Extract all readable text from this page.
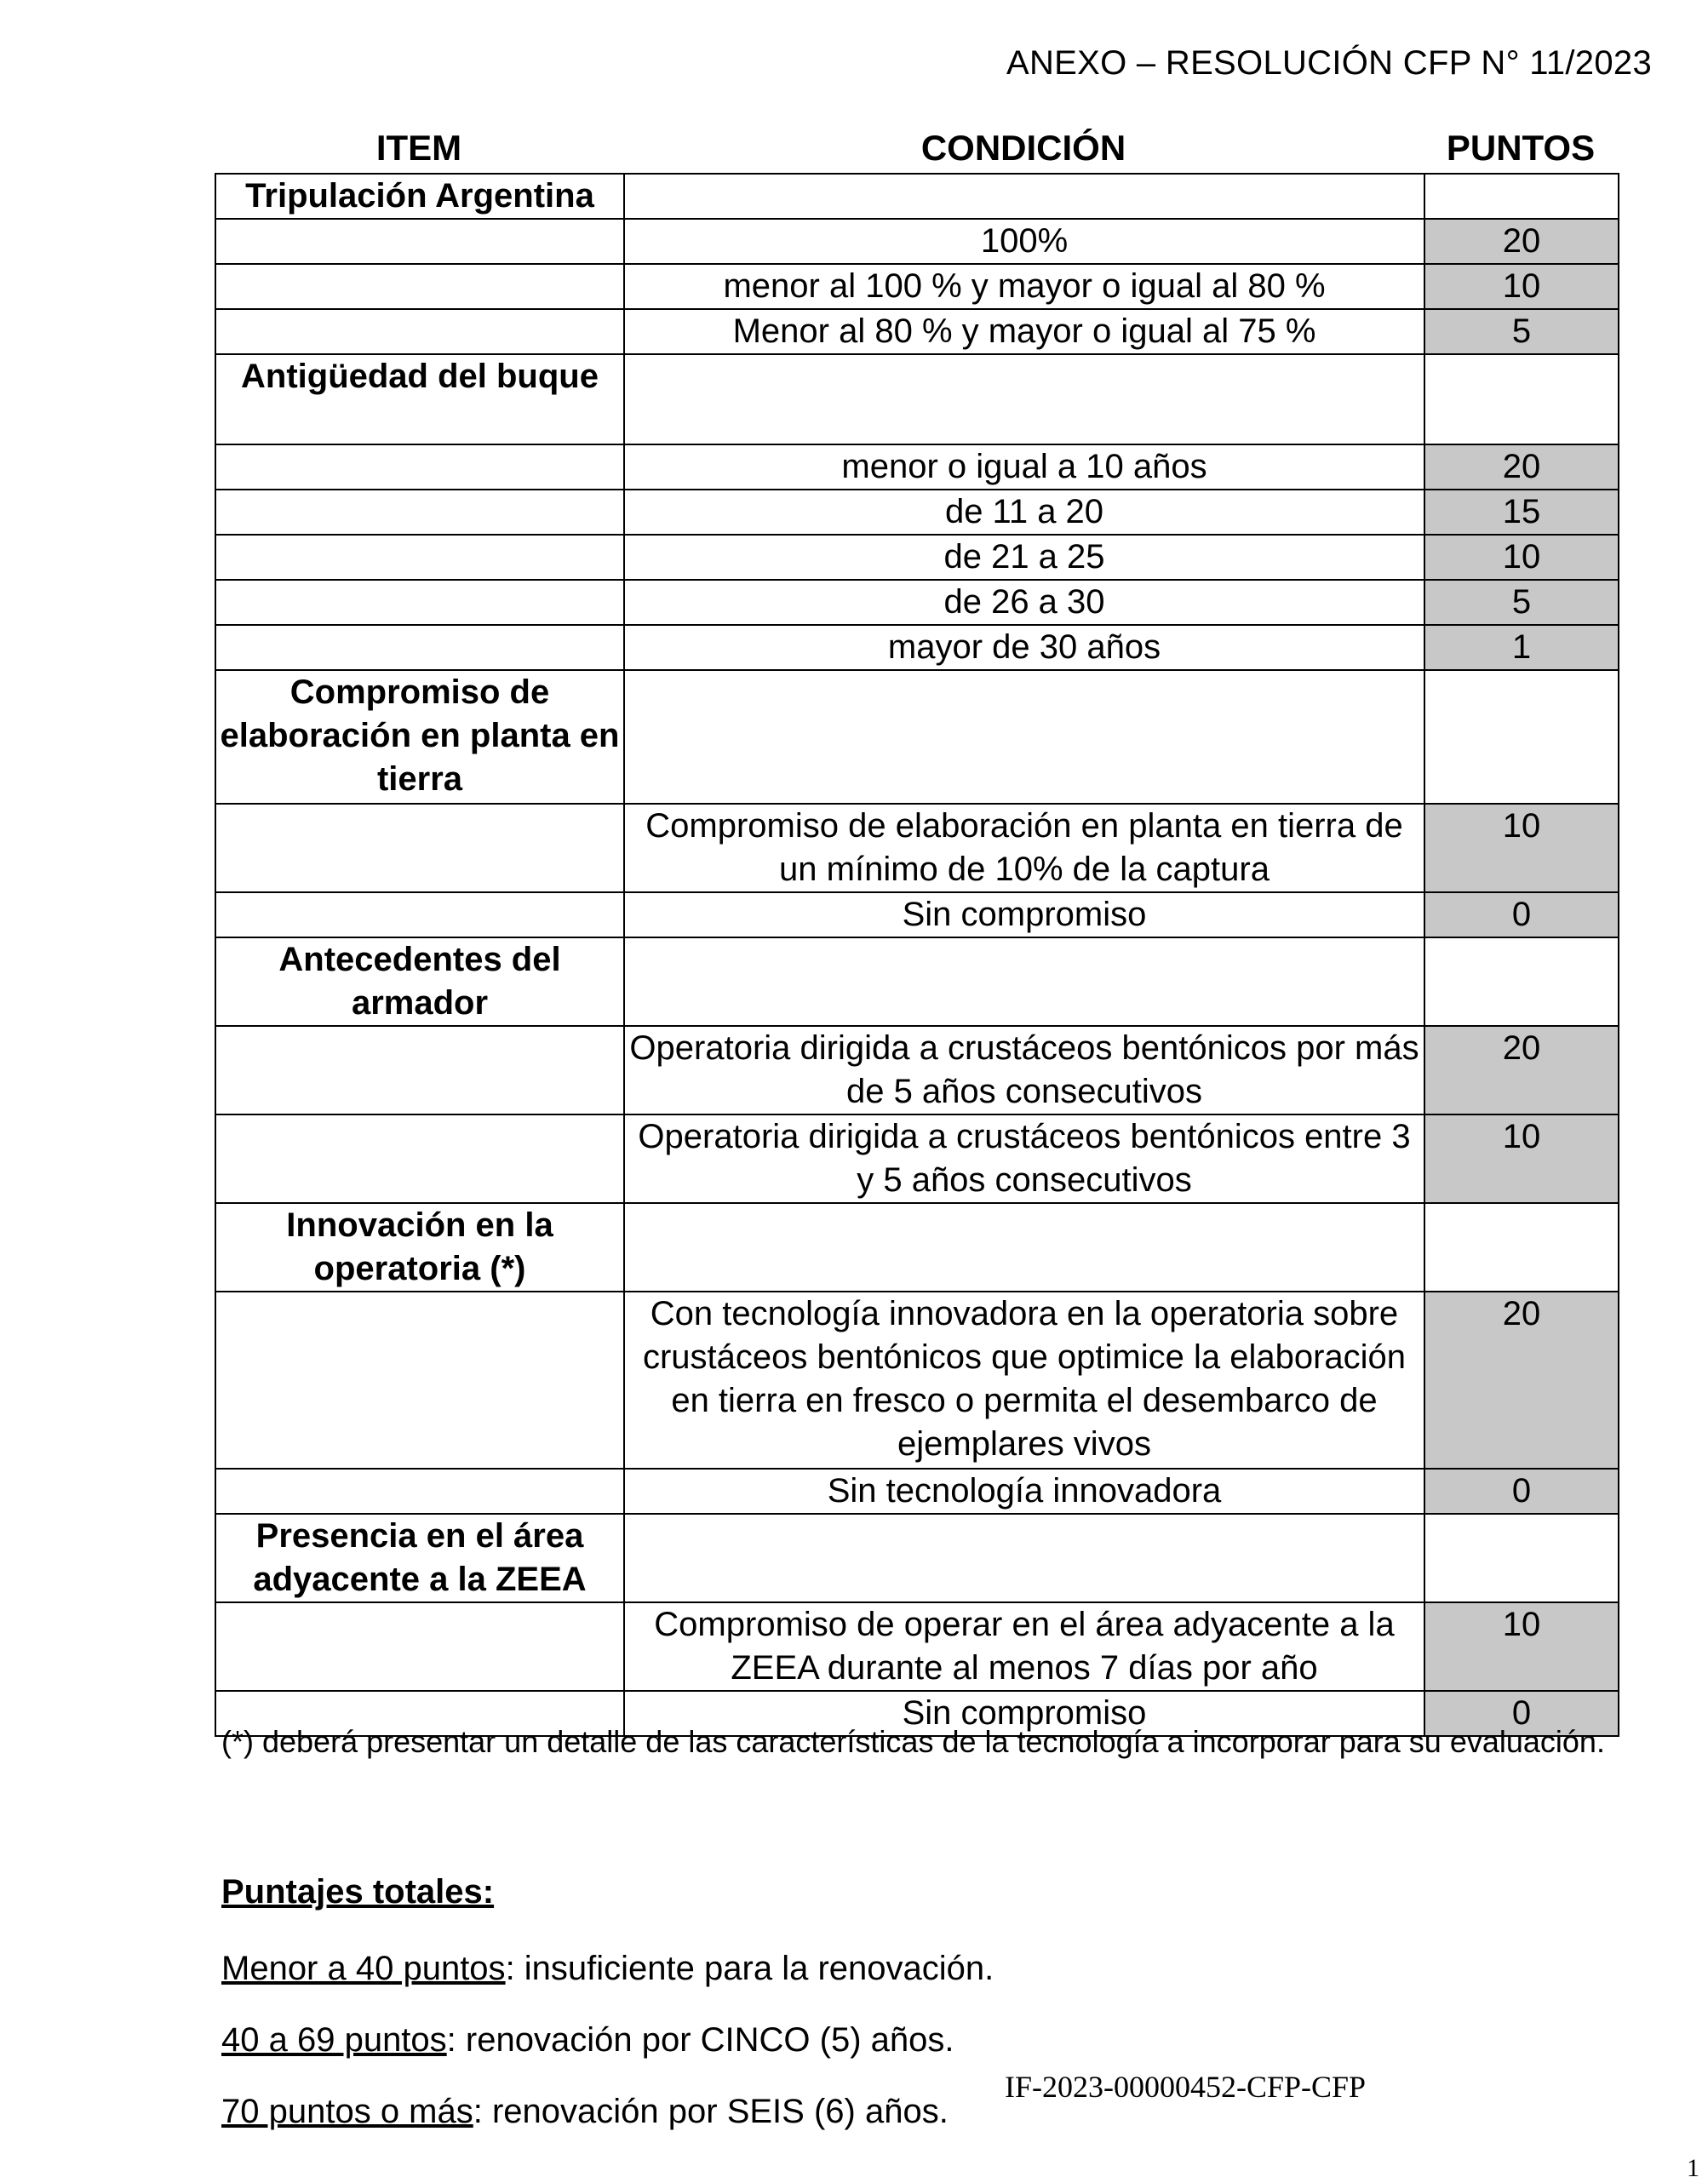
ANEXO – RESOLUCIÓN CFP N° 11/2023
ITEM	CONDICIÓN	PUNTOS
Tripulación Argentina		
	100%	20
	menor al 100 % y mayor o igual al 80 %	10
	Menor al 80 % y mayor o igual al 75 %	5
Antigüedad del buque		
	menor o igual a 10 años	20
	de 11 a 20	15
	de 21 a 25	10
	de 26 a 30	5
	mayor de 30 años	1
Compromiso de elaboración en planta en tierra		
	Compromiso de elaboración en planta en tierra de un mínimo de 10% de la captura	10
	Sin compromiso	0
Antecedentes del armador		
	Operatoria dirigida a crustáceos bentónicos por más de 5 años consecutivos	20
	Operatoria dirigida a crustáceos bentónicos entre 3 y 5 años consecutivos	10
Innovación en la operatoria (*)		
	Con tecnología innovadora en la operatoria sobre crustáceos bentónicos que optimice la elaboración en tierra en fresco o permita el desembarco de ejemplares vivos	20
	Sin tecnología innovadora	0
Presencia en el área adyacente a la ZEEA		
	Compromiso de operar en el área adyacente a la ZEEA durante al menos 7 días por año	10
	Sin compromiso	0
(*) deberá presentar un detalle de las características de la tecnología a incorporar para su evaluación.
Puntajes totales:
Menor a 40 puntos: insuficiente para la renovación.
40 a 69 puntos: renovación por CINCO (5) años.
70 puntos o más: renovación por SEIS (6) años.
IF-2023-00000452-CFP-CFP
1
